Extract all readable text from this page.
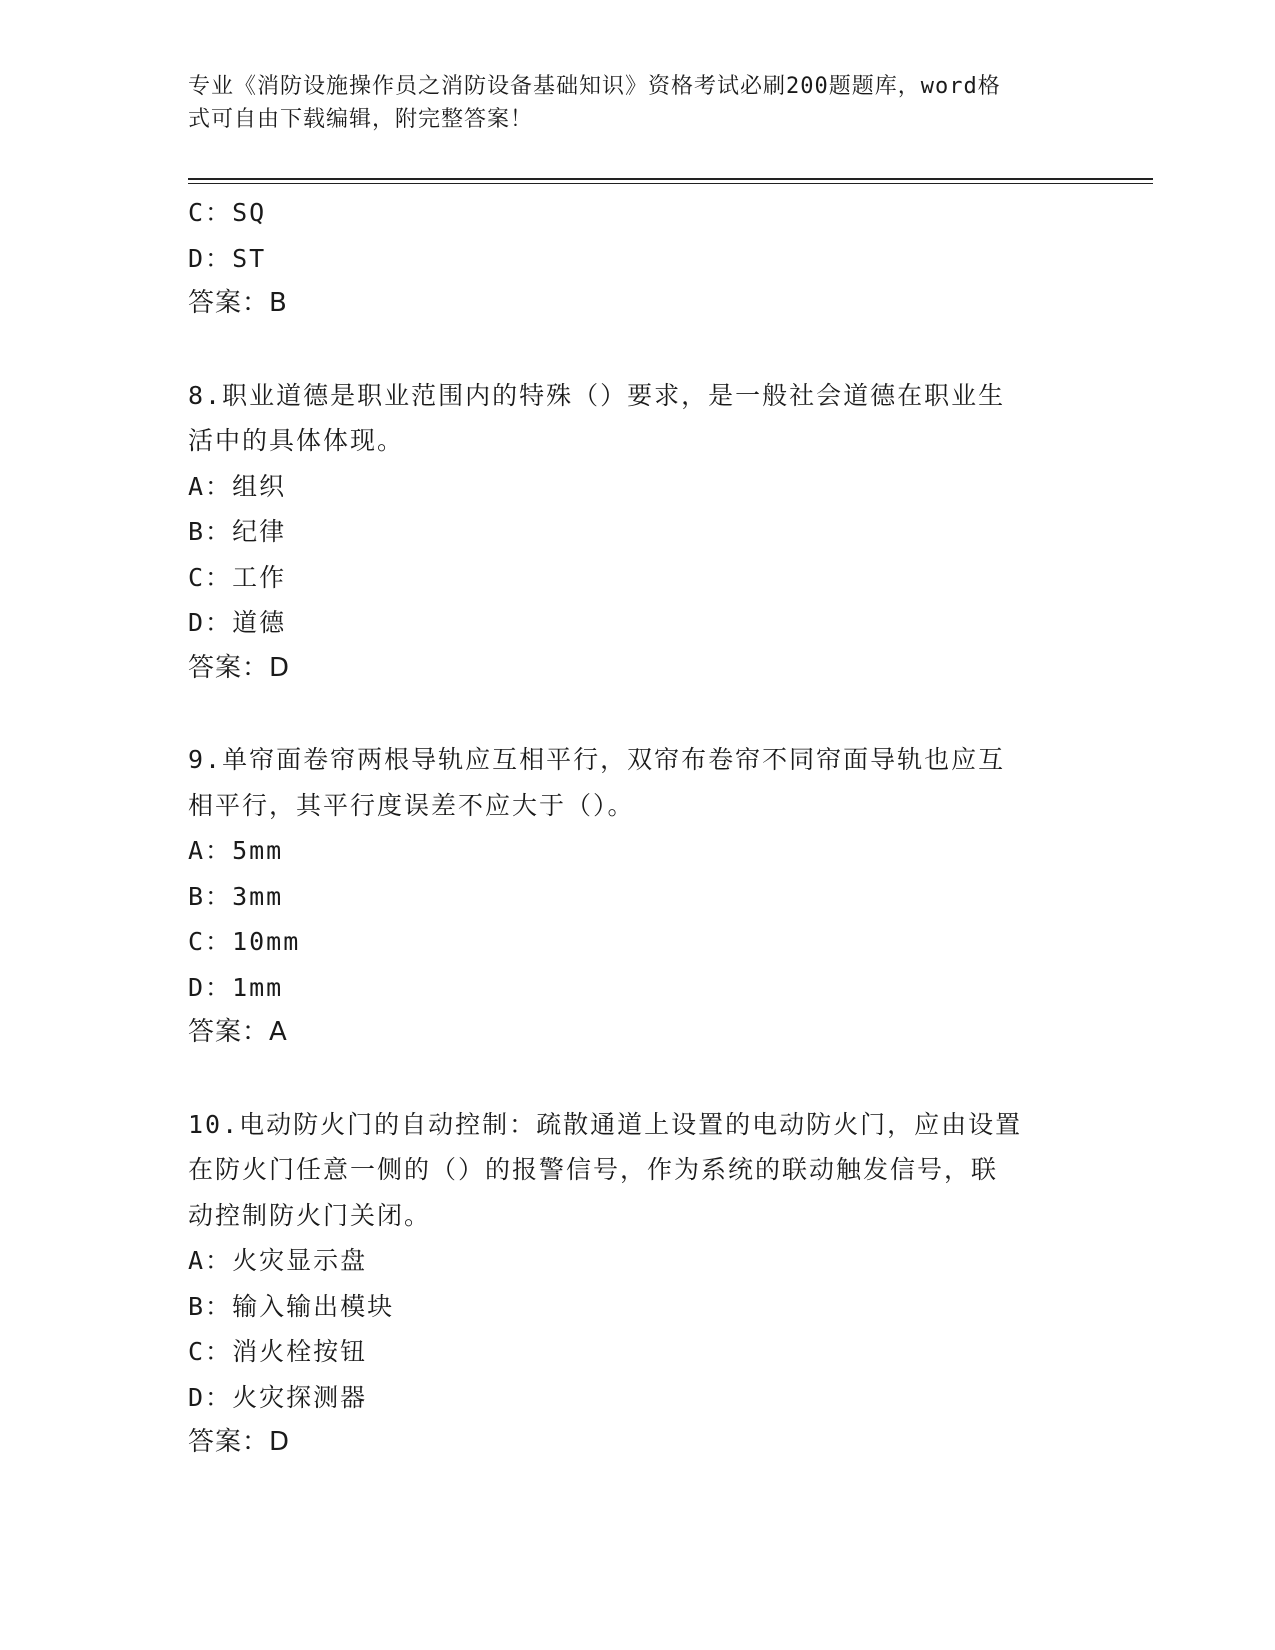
专业《消防设施操作员之消防设备基础知识》资格考试必刷200题题库，word格
式可自由下载编辑，附完整答案！
C：SQ
D：ST
答案：B
8.职业道德是职业范围内的特殊（）要求，是一般社会道德在职业生
活中的具体体现。
A：组织
B：纪律
C：工作
D：道德
答案：D
9.单帘面卷帘两根导轨应互相平行，双帘布卷帘不同帘面导轨也应互
相平行，其平行度误差不应大于（）。
A：5mm
B：3mm
C：10mm
D：1mm
答案：A
10.电动防火门的自动控制：疏散通道上设置的电动防火门，应由设置
在防火门任意一侧的（）的报警信号，作为系统的联动触发信号，联
动控制防火门关闭。
A：火灾显示盘
B：输入输出模块
C：消火栓按钮
D：火灾探测器
答案：D
